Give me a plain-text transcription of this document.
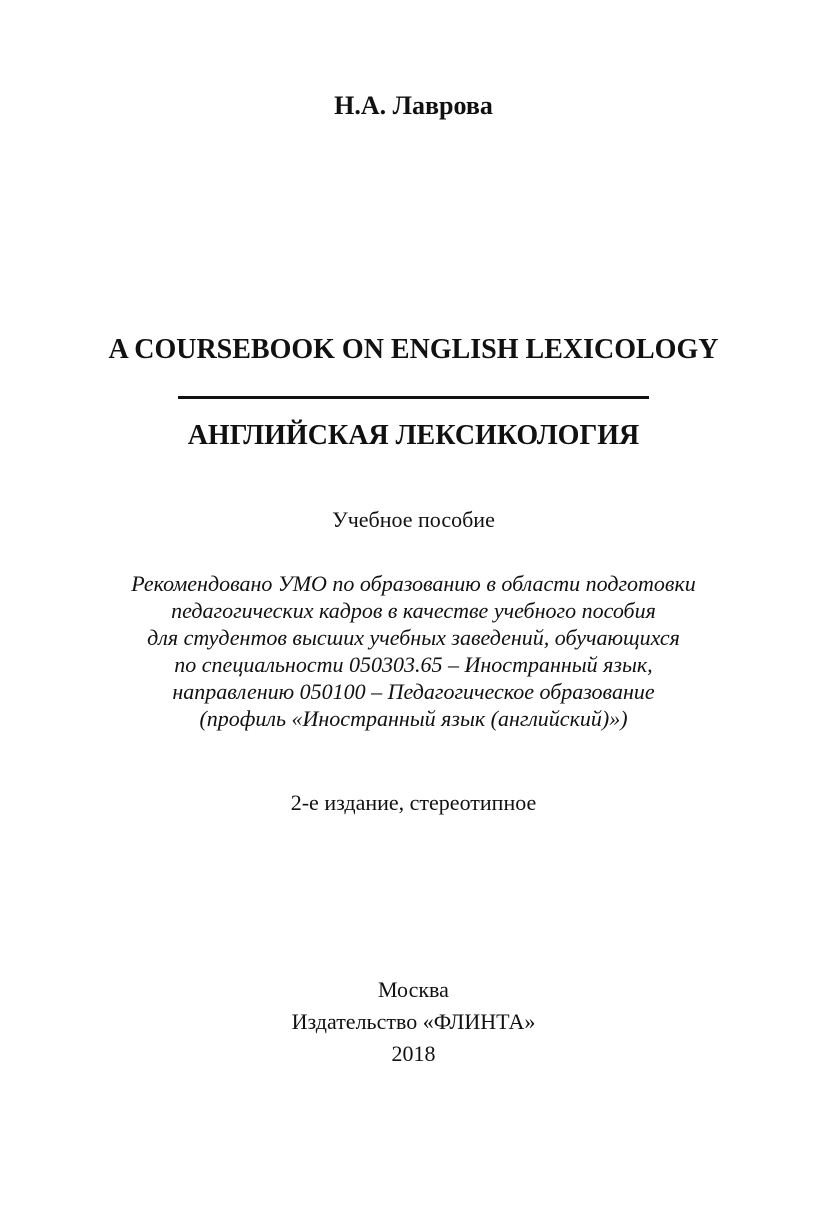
Н.А. Лаврова
A COURSEBOOK ON ENGLISH LEXICOLOGY
АНГЛИЙСКАЯ ЛЕКСИКОЛОГИЯ
Учебное пособие
Рекомендовано УМО по образованию в области подготовки
педагогических кадров в качестве учебного пособия
для студентов высших учебных заведений, обучающихся
по специальности 050303.65 – Иностранный язык,
направлению 050100 – Педагогическое образование
(профиль «Иностранный язык (английский)»)
2-е издание, стереотипное
Москва
Издательство «ФЛИНТА»
2018
